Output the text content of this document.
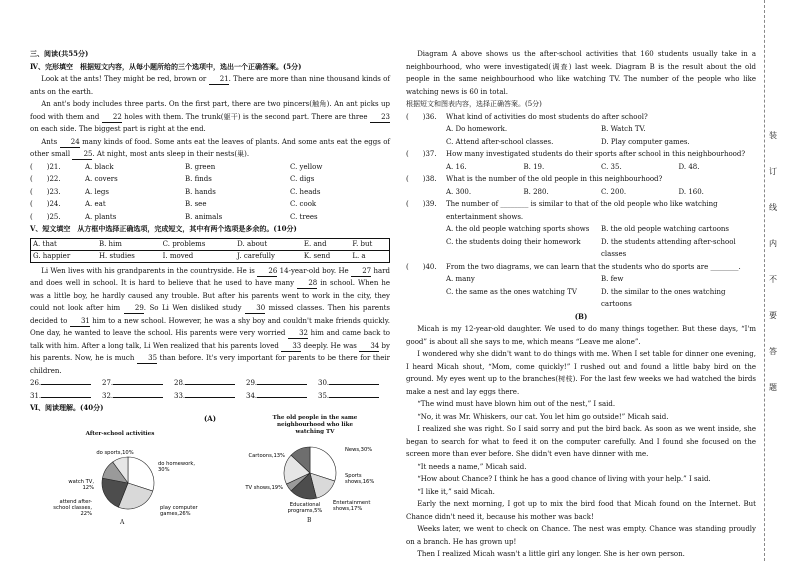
三、阅读(共55分)
Ⅳ、完形填空　根据短文内容，从每小题所给的三个选项中，选出一个正确答案。(5分)

Look at the ants! They might be red, brown or 21. There are more than nine thousand kinds of ants on the earth.

An ant's body includes three parts. On the first part, there are two pincers(触角). An ant picks up food with them and 22 holes with them. The trunk(躯干) is the second part. There are three 23 on each side. The biggest part is right at the end.

Ants 24 many kinds of food. Some ants eat the leaves of plants. And some ants eat the eggs of other small 25. At night, most ants sleep in their nests(巢).

(　　)21.	A. black	B. green	C. yellow
(　　)22.	A. covers	B. finds	C. digs
(　　)23.	A. legs	B. hands	C. heads
(　　)24.	A. eat	B. see	C. cook
(　　)25.	A. plants	B. animals	C. trees
Ⅴ、短文填空　从方框中选择正确选项，完成短文，其中有两个选项是多余的。(10分)
A. that	B. him	C. problems	D. about	E. and	F. but
G. happier	H. studies	I. moved	J. carefully	K. send	L. a

Li Wen lives with his grandparents in the countryside. He is 26 14-year-old boy. He 27 hard and does well in school. It is hard to believe that he used to have many 28 in school. When he was a little boy, he hardly caused any trouble. But after his parents went to work in the city, they could not look after him 29. So Li Wen disliked study 30 missed classes. Then his parents decided to 31 him to a new school. However, he was a shy boy and couldn't make friends quickly. One day, he wanted to leave the school. His parents were very worried 32 him and came back to talk with him. After a long talk, Li Wen realized that his parents loved 33 deeply. He was 34 by his parents. Now, he is much 35 than before. It's very important for parents to be there for their children.

26.	27.	28.	29.	30.
31.	32.	33.	34.	35.
Ⅵ、阅读理解。(40分)
(A)
After-school activities
do homework, 30%
play computer games,26%
attend after-school classes, 22%
watch TV, 12%
do sports,10%
A
The old people in the same neighbourhood who like watching TV
News,30%
Sports shows,16%
Entertainment shows,17%
Educational programs,5%
TV shows,19%
Cartoons,13%
B

Diagram A above shows us the after-school activities that 160 students usually take in a neighbourhood, who were investigated(调查) last week. Diagram B is the result about the old people in the same neighbourhood who like watching TV. The number of the people who like watching news is 60 in total.

根据短文和图表内容，选择正确答案。(5分)
(　　)36.	What kind of activities do most students do after school?
A. Do homework.	B. Watch TV.
C. Attend after-school classes.	D. Play computer games.
(　　)37.	How many investigated students do their sports after school in this neighbourhood?
A. 16.	B. 19.	C. 35.	D. 48.
(　　)38.	What is the number of the old people in this neighbourhood?
A. 300.	B. 280.	C. 200.	D. 160.
(　　)39.	The number of ________ is similar to that of the old people who like watching entertainment shows.
A. the old people watching sports shows	B. the old people watching cartoons
C. the students doing their homework	D. the students attending after-school classes
(　　)40.	From the two diagrams, we can learn that the students who do sports are ________.
A. many	B. few
C. the same as the ones watching TV	D. the similar to the ones watching cartoons
(B)

Micah is my 12-year-old daughter. We used to do many things together. But these days, “I'm good” is about all she says to me, which means “Leave me alone”.

I wondered why she didn't want to do things with me. When I set table for dinner one evening, I heard Micah shout, “Mom, come quickly!” I rushed out and found a little baby bird on the ground. My eyes went up to the branches(树枝). For the last few weeks we had watched the birds make a nest and lay eggs there.

“The wind must have blown him out of the nest,” I said.

“No, it was Mr. Whiskers, our cat. You let him go outside!” Micah said.

I realized she was right. So I said sorry and put the bird back. As soon as we went inside, she began to search for what to feed it on the computer carefully. And I found she focused on the screen more than ever before. She didn't even have dinner with me.

“It needs a name,” Micah said.

“How about Chance? I think he has a good chance of living with your help.” I said.

“I like it,” said Micah.

Early the next morning, I got up to mix the bird food that Micah found on the Internet. But Chance didn't need it, because his mother was back!

Weeks later, we went to check on Chance. The nest was empty. Chance was standing proudly on a branch. He has grown up!

Then I realized Micah wasn't a little girl any longer. She is her own person.

装
订
线
内
不
要
答
题
